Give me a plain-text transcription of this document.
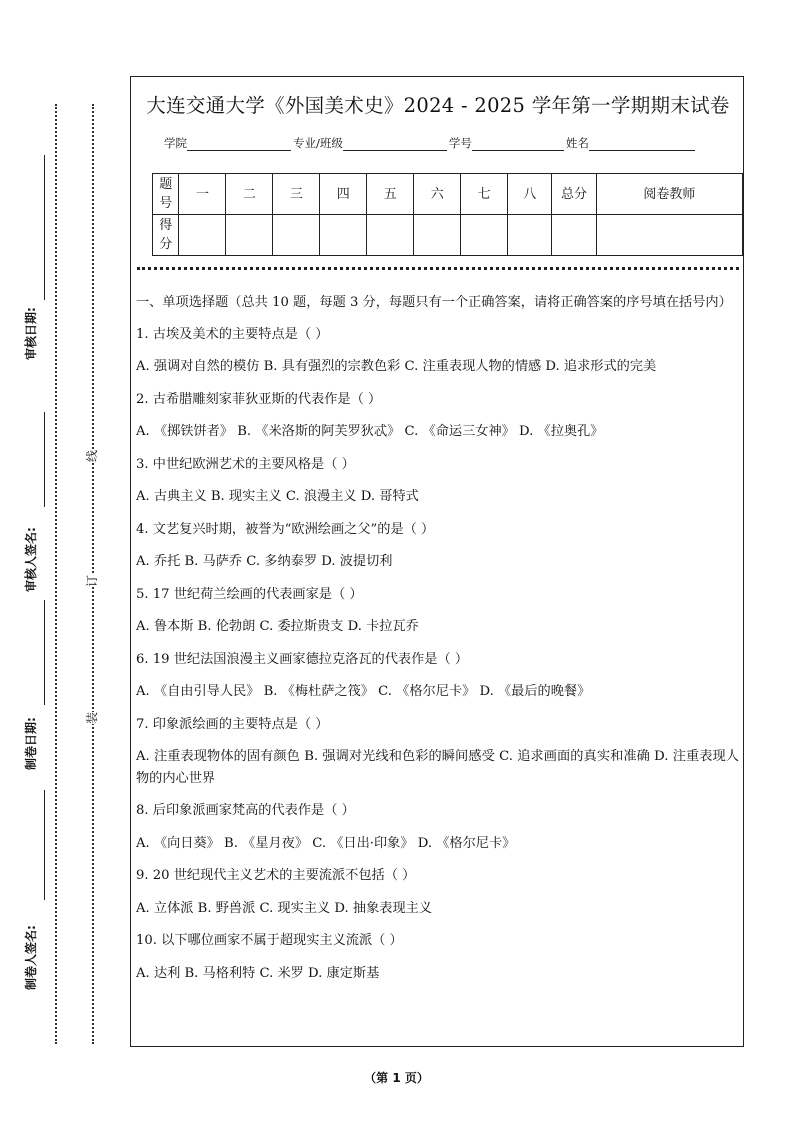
审核日期:
审核人签名:
制卷日期:
制卷人签名:
线
订
装
大连交通大学《外国美术史》2024 - 2025 学年第一学期期末试卷
学院	专业/班级	学号	姓名
题号	一	二	三	四	五	六	七	八	总分	阅卷教师
得分										

一、单项选择题（总共 10 题，每题 3 分，每题只有一个正确答案，请将正确答案的序号填在括号内）

1. 古埃及美术的主要特点是（ ）

A. 强调对自然的模仿 B. 具有强烈的宗教色彩 C. 注重表现人物的情感 D. 追求形式的完美

2. 古希腊雕刻家菲狄亚斯的代表作是（ ）

A. 《掷铁饼者》 B. 《米洛斯的阿芙罗狄忒》 C. 《命运三女神》 D. 《拉奥孔》

3. 中世纪欧洲艺术的主要风格是（ ）

A. 古典主义 B. 现实主义 C. 浪漫主义 D. 哥特式

4. 文艺复兴时期，被誉为“欧洲绘画之父”的是（ ）

A. 乔托 B. 马萨乔 C. 多纳泰罗 D. 波提切利

5. 17 世纪荷兰绘画的代表画家是（ ）

A. 鲁本斯 B. 伦勃朗 C. 委拉斯贵支 D. 卡拉瓦乔

6. 19 世纪法国浪漫主义画家德拉克洛瓦的代表作是（ ）

A. 《自由引导人民》 B. 《梅杜萨之筏》 C. 《格尔尼卡》 D. 《最后的晚餐》

7. 印象派绘画的主要特点是（ ）

A. 注重表现物体的固有颜色 B. 强调对光线和色彩的瞬间感受 C. 追求画面的真实和准确 D. 注重表现人物的内心世界

8. 后印象派画家梵高的代表作是（ ）

A. 《向日葵》 B. 《星月夜》 C. 《日出·印象》 D. 《格尔尼卡》

9. 20 世纪现代主义艺术的主要流派不包括（ ）

A. 立体派 B. 野兽派 C. 现实主义 D. 抽象表现主义

10. 以下哪位画家不属于超现实主义流派（ ）

A. 达利 B. 马格利特 C. 米罗 D. 康定斯基

（第 1 页）
